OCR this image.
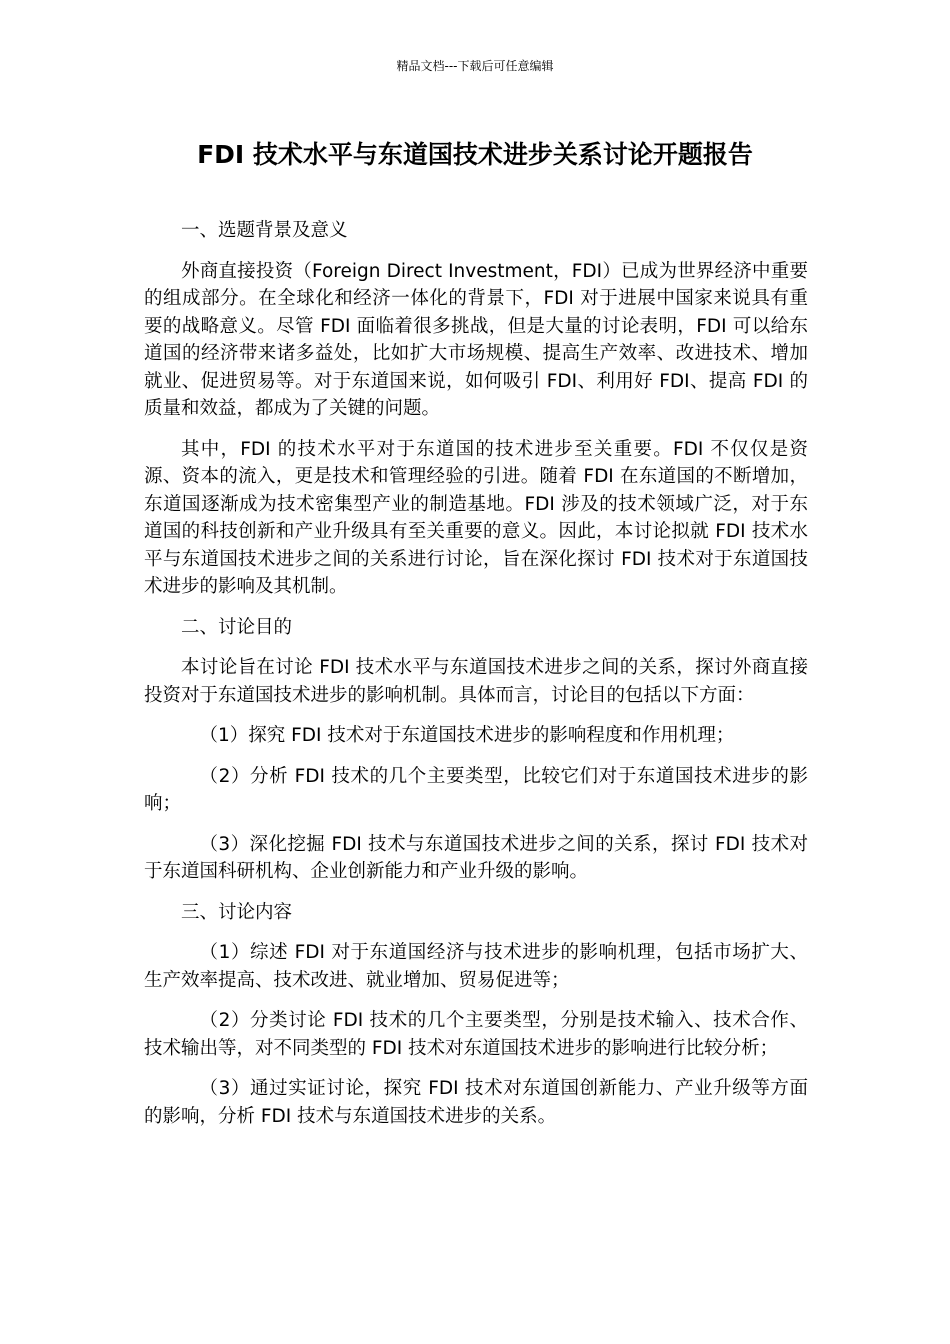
精品文档---下载后可任意编辑
FDI 技术水平与东道国技术进步关系讨论开题报告

一、选题背景及意义

外商直接投资（Foreign Direct Investment，FDI）已成为世界经济中重要的组成部分。在全球化和经济一体化的背景下，FDI 对于进展中国家来说具有重要的战略意义。尽管 FDI 面临着很多挑战，但是大量的讨论表明，FDI 可以给东道国的经济带来诸多益处，比如扩大市场规模、提高生产效率、改进技术、增加就业、促进贸易等。对于东道国来说，如何吸引 FDI、利用好 FDI、提高 FDI 的质量和效益，都成为了关键的问题。

其中，FDI 的技术水平对于东道国的技术进步至关重要。FDI 不仅仅是资源、资本的流入，更是技术和管理经验的引进。随着 FDI 在东道国的不断增加，东道国逐渐成为技术密集型产业的制造基地。FDI 涉及的技术领域广泛，对于东道国的科技创新和产业升级具有至关重要的意义。因此，本讨论拟就 FDI 技术水平与东道国技术进步之间的关系进行讨论，旨在深化探讨 FDI 技术对于东道国技术进步的影响及其机制。

二、讨论目的

本讨论旨在讨论 FDI 技术水平与东道国技术进步之间的关系，探讨外商直接投资对于东道国技术进步的影响机制。具体而言，讨论目的包括以下方面：

（1）探究 FDI 技术对于东道国技术进步的影响程度和作用机理；

（2）分析 FDI 技术的几个主要类型，比较它们对于东道国技术进步的影响；

（3）深化挖掘 FDI 技术与东道国技术进步之间的关系，探讨 FDI 技术对于东道国科研机构、企业创新能力和产业升级的影响。

三、讨论内容

（1）综述 FDI 对于东道国经济与技术进步的影响机理，包括市场扩大、生产效率提高、技术改进、就业增加、贸易促进等；

（2）分类讨论 FDI 技术的几个主要类型，分别是技术输入、技术合作、技术输出等，对不同类型的 FDI 技术对东道国技术进步的影响进行比较分析；

（3）通过实证讨论，探究 FDI 技术对东道国创新能力、产业升级等方面的影响，分析 FDI 技术与东道国技术进步的关系。
